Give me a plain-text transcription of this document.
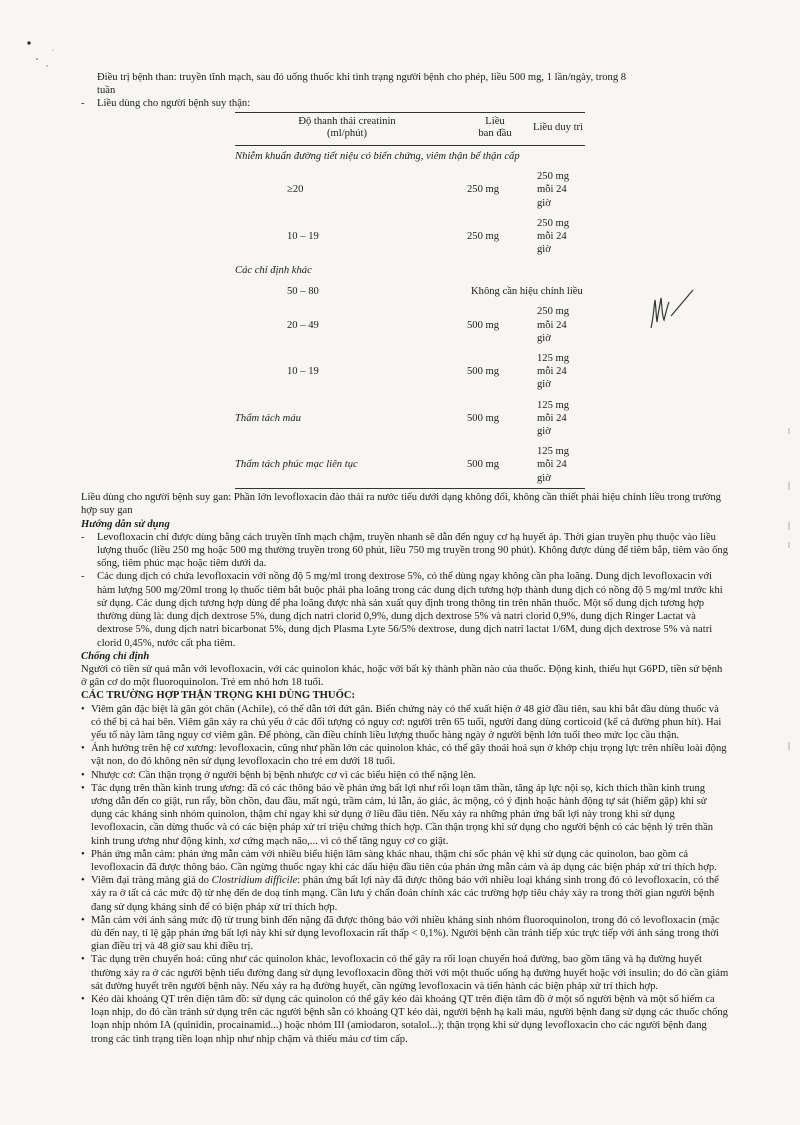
Điều trị bệnh than: truyền tĩnh mạch, sau đó uống thuốc khi tình trạng người bệnh cho phép, liều 500 mg, 1 lần/ngày, trong 8
tuần

- Liều dùng cho người bệnh suy thận:

Độ thanh thải creatinin
(ml/phút)	Liều
ban đầu	Liều duy trì
Nhiễm khuẩn đường tiết niệu có biến chứng, viêm thận bể thận cấp		
≥20	250 mg	250 mg mỗi 24 giờ
10 – 19	250 mg	250 mg mỗi 24 giờ
Các chỉ định khác		
50 – 80	Không cần hiệu chỉnh liều	
20 – 49	500 mg	250 mg mỗi 24 giờ
10 – 19	500 mg	125 mg mỗi 24 giờ
Thẩm tách máu	500 mg	125 mg mỗi 24 giờ
Thẩm tách phúc mạc liên tục	500 mg	125 mg mỗi 24 giờ

Liều dùng cho người bệnh suy gan: Phần lớn levofloxacin đào thải ra nước tiểu dưới dạng không đổi, không cần thiết phải hiệu chỉnh liều trong trường hợp suy gan

Hướng dẫn sử dụng

- Levofloxacin chỉ được dùng bằng cách truyền tĩnh mạch chậm, truyền nhanh sẽ dẫn đến nguy cơ hạ huyết áp. Thời gian truyền phụ thuộc vào liều lượng thuốc (liều 250 mg hoặc 500 mg thường truyền trong 60 phút, liều 750 mg truyền trong 90 phút). Không được dùng để tiêm bắp, tiêm vào ống sống, tiêm phúc mạc hoặc tiêm dưới da.

- Các dung dịch có chứa levofloxacin với nồng độ 5 mg/ml trong dextrose 5%, có thể dùng ngay không cần pha loãng. Dung dịch levofloxacin với hàm lượng 500 mg/20ml trong lọ thuốc tiêm bắt buộc phải pha loãng trong các dung dịch tương hợp thành dung dịch có nồng độ 5 mg/ml trước khi sử dụng. Các dung dịch tương hợp dùng để pha loãng được nhà sản xuất quy định trong thông tin trên nhãn thuốc. Một số dung dịch tương hợp thường dùng là: dung dịch dextrose 5%, dung dịch natri clorid 0,9%, dung dịch dextrose 5% và natri clorid 0,9%, dung dịch Ringer Lactat và dextrose 5%, dung dịch natri bicarbonat 5%, dung dịch Plasma Lyte 56/5% dextrose, dung dịch natri lactat 1/6M, dung dịch dextrose 5% và natri clorid 0,45%, nước cất pha tiêm.

Chống chỉ định

Người có tiền sử quá mẫn với levofloxacin, với các quinolon khác, hoặc với bất kỳ thành phần nào của thuốc. Động kinh, thiếu hụt G6PD, tiền sử bệnh ở gân cơ do một fluoroquinolon. Trẻ em nhỏ hơn 18 tuổi.

CÁC TRƯỜNG HỢP THẬN TRỌNG KHI DÙNG THUỐC:

• Viêm gân đặc biệt là gân gót chân (Achile), có thể dẫn tới đứt gân. Biến chứng này có thể xuất hiện ở 48 giờ đầu tiên, sau khi bắt đầu dùng thuốc và có thể bị cả hai bên. Viêm gân xảy ra chủ yếu ở các đối tượng có nguy cơ: người trên 65 tuổi, người đang dùng corticoid (kể cả đường phun hít). Hai yếu tố này làm tăng nguy cơ viêm gân. Để phòng, cần điều chỉnh liều lượng thuốc hàng ngày ở người bệnh lớn tuổi theo mức lọc cầu thận.

• Ảnh hưởng trên hệ cơ xương: levofloxacin, cũng như phần lớn các quinolon khác, có thể gây thoái hoá sụn ở khớp chịu trọng lực trên nhiều loài động vật non, do đó không nên sử dụng levofloxacin cho trẻ em dưới 18 tuổi.

• Nhược cơ: Cần thận trọng ở người bệnh bị bệnh nhược cơ vì các biểu hiện có thể nặng lên.

• Tác dụng trên thần kinh trung ương: đã có các thông báo về phản ứng bất lợi như rối loạn tâm thần, tăng áp lực nội sọ, kích thích thần kinh trung ương dẫn đến co giật, run rẩy, bồn chồn, đau đầu, mất ngủ, trầm cảm, lú lẫn, ảo giác, ác mộng, có ý định hoặc hành động tự sát (hiếm gặp) khi sử dụng các kháng sinh nhóm quinolon, thậm chí ngay khi sử dụng ở liều đầu tiên. Nếu xảy ra những phản ứng bất lợi này trong khi sử dụng levofloxacin, cần dừng thuốc và có các biện pháp xử trí triệu chứng thích hợp. Cần thận trọng khi sử dụng cho người bệnh có các bệnh lý trên thần kinh trung ương như động kinh, xơ cứng mạch não,... vì có thể tăng nguy cơ co giật.

• Phản ứng mẫn cảm: phản ứng mẫn cảm với nhiều biểu hiện lâm sàng khác nhau, thậm chí sốc phản vệ khi sử dụng các quinolon, bao gồm cả levofloxacin đã được thông báo. Cần ngừng thuốc ngay khi các dấu hiệu đầu tiên của phản ứng mẫn cảm và áp dụng các biện pháp xử trí thích hợp.

• Viêm đại tràng màng giả do Clostridium difficile: phản ứng bất lợi này đã được thông báo với nhiều loại kháng sinh trong đó có levofloxacin, có thể xảy ra ở tất cả các mức độ từ nhẹ đến de doạ tính mạng. Cần lưu ý chẩn đoán chính xác các trường hợp tiêu chảy xảy ra trong thời gian người bệnh đang sử dụng kháng sinh để có biện pháp xử trí thích hợp.

• Mẫn cảm với ánh sáng mức độ từ trung bình đến nặng đã được thông báo với nhiều kháng sinh nhóm fluoroquinolon, trong đó có levofloxacin (mặc dù đến nay, tỉ lệ gặp phản ứng bất lợi này khi sử dụng levofloxacin rất thấp < 0,1%). Người bệnh cần tránh tiếp xúc trực tiếp với ánh sáng trong thời gian điều trị và 48 giờ sau khi điều trị.

• Tác dụng trên chuyển hoá: cũng như các quinolon khác, levofloxacin có thể gây ra rối loạn chuyển hoá đường, bao gồm tăng và hạ đường huyết thường xảy ra ở các người bệnh tiểu đường đang sử dụng levofloxacin đồng thời với một thuốc uống hạ đường huyết hoặc với insulin; do đó cần giám sát đường huyết trên người bệnh này. Nếu xảy ra hạ đường huyết, cần ngừng levofloxacin và tiến hành các biện pháp xử trí thích hợp.

• Kéo dài khoảng QT trên điện tâm đồ: sử dụng các quinolon có thể gây kéo dài khoảng QT trên điện tâm đồ ở một số người bệnh và một số hiếm ca loạn nhịp, do đó cần tránh sử dụng trên các người bệnh sẵn có khoảng QT kéo dài, người bệnh hạ kali máu, người bệnh đang sử dụng các thuốc chống loạn nhịp nhóm IA (quinidin, procainamid...) hoặc nhóm III (amiodaron, sotalol...); thận trọng khi sử dụng levofloxacin cho các người bệnh đang trong các tình trạng tiền loạn nhịp như nhịp chậm và thiếu máu cơ tim cấp.
